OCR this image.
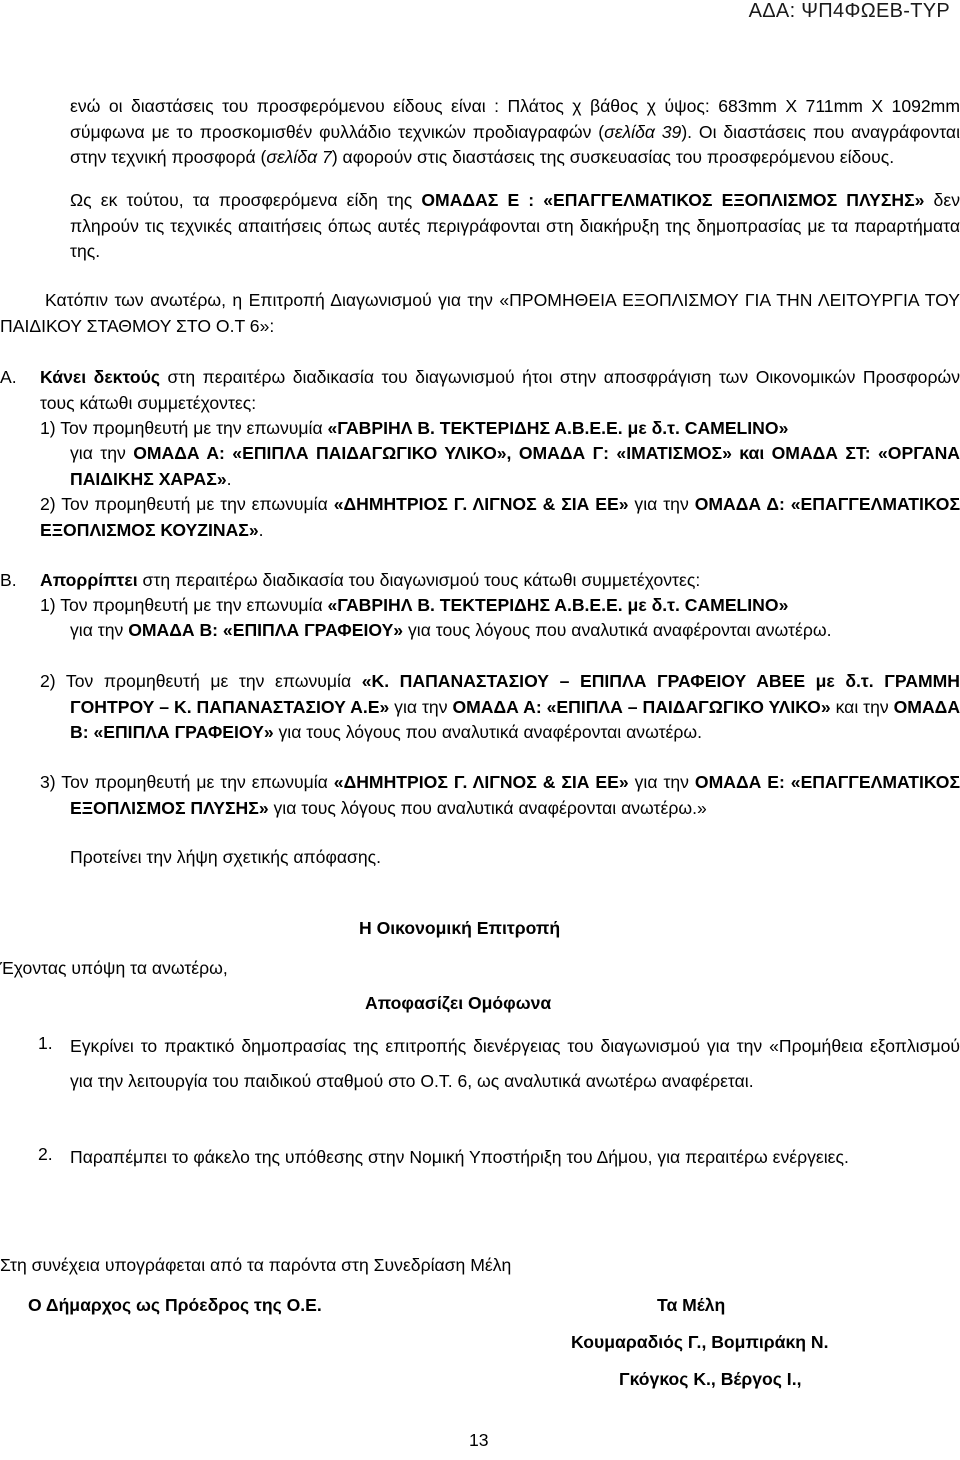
ΑΔΑ: ΨΠ4ΦΩΕΒ-ΤΥΡ
ενώ οι διαστάσεις του προσφερόμενου είδους είναι : Πλάτος χ βάθος χ ύψος: 683mm X 711mm X 1092mm σύμφωνα με το προσκομισθέν φυλλάδιο τεχνικών προδιαγραφών (σελίδα 39). Οι διαστάσεις που αναγράφονται στην τεχνική προσφορά (σελίδα 7) αφορούν στις διαστάσεις της συσκευασίας του προσφερόμενου είδους.
Ως εκ τούτου, τα προσφερόμενα είδη της ΟΜΑΔΑΣ Ε : «ΕΠΑΓΓΕΛΜΑΤΙΚΟΣ ΕΞΟΠΛΙΣΜΟΣ ΠΛΥΣΗΣ» δεν πληρούν τις τεχνικές απαιτήσεις όπως αυτές περιγράφονται στη διακήρυξη της δημοπρασίας με τα παραρτήματα της.
Κατόπιν των ανωτέρω, η Επιτροπή Διαγωνισμού για την «ΠΡΟΜΗΘΕΙΑ ΕΞΟΠΛΙΣΜΟΥ ΓΙΑ ΤΗΝ ΛΕΙΤΟΥΡΓΙΑ ΤΟΥ ΠΑΙΔΙΚΟΥ ΣΤΑΘΜΟΥ ΣΤΟ Ο.Τ 6»:
Α. Κάνει δεκτούς στη περαιτέρω διαδικασία του διαγωνισμού ήτοι στην αποσφράγιση των Οικονομικών Προσφορών τους κάτωθι συμμετέχοντες:
1) Τον προμηθευτή με την επωνυμία «ΓΑΒΡΙΗΛ Β. ΤΕΚΤΕΡΙΔΗΣ Α.Β.Ε.Ε. με δ.τ. CAMELINO»
για την ΟΜΑΔΑ Α: «ΕΠΙΠΛΑ ΠΑΙΔΑΓΩΓΙΚΟ ΥΛΙΚΟ», ΟΜΑΔΑ Γ: «ΙΜΑΤΙΣΜΟΣ» και ΟΜΑΔΑ ΣΤ: «ΟΡΓΑΝΑ ΠΑΙΔΙΚΗΣ ΧΑΡΑΣ».
2) Τον προμηθευτή με την επωνυμία «ΔΗΜΗΤΡΙΟΣ Γ. ΛΙΓΝΟΣ & ΣΙΑ ΕΕ» για την ΟΜΑΔΑ Δ: «ΕΠΑΓΓΕΛΜΑΤΙΚΟΣ ΕΞΟΠΛΙΣΜΟΣ ΚΟΥΖΙΝΑΣ».
Β. Απορρίπτει στη περαιτέρω διαδικασία του διαγωνισμού τους κάτωθι συμμετέχοντες:
1) Τον προμηθευτή με την επωνυμία «ΓΑΒΡΙΗΛ Β. ΤΕΚΤΕΡΙΔΗΣ Α.Β.Ε.Ε. με δ.τ. CAMELINO»
για την ΟΜΑΔΑ Β: «ΕΠΙΠΛΑ ΓΡΑΦΕΙΟΥ» για τους λόγους που αναλυτικά αναφέρονται ανωτέρω.
2) Τον προμηθευτή με την επωνυμία «Κ. ΠΑΠΑΝΑΣΤΑΣΙΟΥ – ΕΠΙΠΛΑ ΓΡΑΦΕΙΟΥ ΑΒΕΕ με δ.τ. ΓΡΑΜΜΗ ΓΟΗΤΡΟΥ – Κ. ΠΑΠΑΝΑΣΤΑΣΙΟΥ Α.Ε» για την ΟΜΑΔΑ Α: «ΕΠΙΠΛΑ – ΠΑΙΔΑΓΩΓΙΚΟ ΥΛΙΚΟ» και την ΟΜΑΔΑ Β: «ΕΠΙΠΛΑ ΓΡΑΦΕΙΟΥ» για τους λόγους που αναλυτικά αναφέρονται ανωτέρω.
3) Τον προμηθευτή με την επωνυμία «ΔΗΜΗΤΡΙΟΣ Γ. ΛΙΓΝΟΣ & ΣΙΑ ΕΕ» για την ΟΜΑΔΑ Ε: «ΕΠΑΓΓΕΛΜΑΤΙΚΟΣ ΕΞΟΠΛΙΣΜΟΣ ΠΛΥΣΗΣ» για τους λόγους που αναλυτικά αναφέρονται ανωτέρω.»
Προτείνει την λήψη σχετικής απόφασης.
Η Οικονομική Επιτροπή
Έχοντας υπόψη τα ανωτέρω,
Αποφασίζει Ομόφωνα
1. Εγκρίνει το πρακτικό δημοπρασίας της επιτροπής διενέργειας του διαγωνισμού για την «Προμήθεια εξοπλισμού για την λειτουργία του παιδικού σταθμού στο Ο.Τ. 6, ως αναλυτικά ανωτέρω αναφέρεται.
2. Παραπέμπει το φάκελο της υπόθεσης στην Νομική Υποστήριξη του Δήμου, για περαιτέρω ενέργειες.
Στη συνέχεια υπογράφεται από τα παρόντα στη Συνεδρίαση Μέλη
Ο Δήμαρχος ως Πρόεδρος της Ο.Ε.	Τα Μέλη
Κουμαραδιός Γ., Βομπιράκη Ν.
Γκόγκος Κ., Βέργος Ι.,
13
